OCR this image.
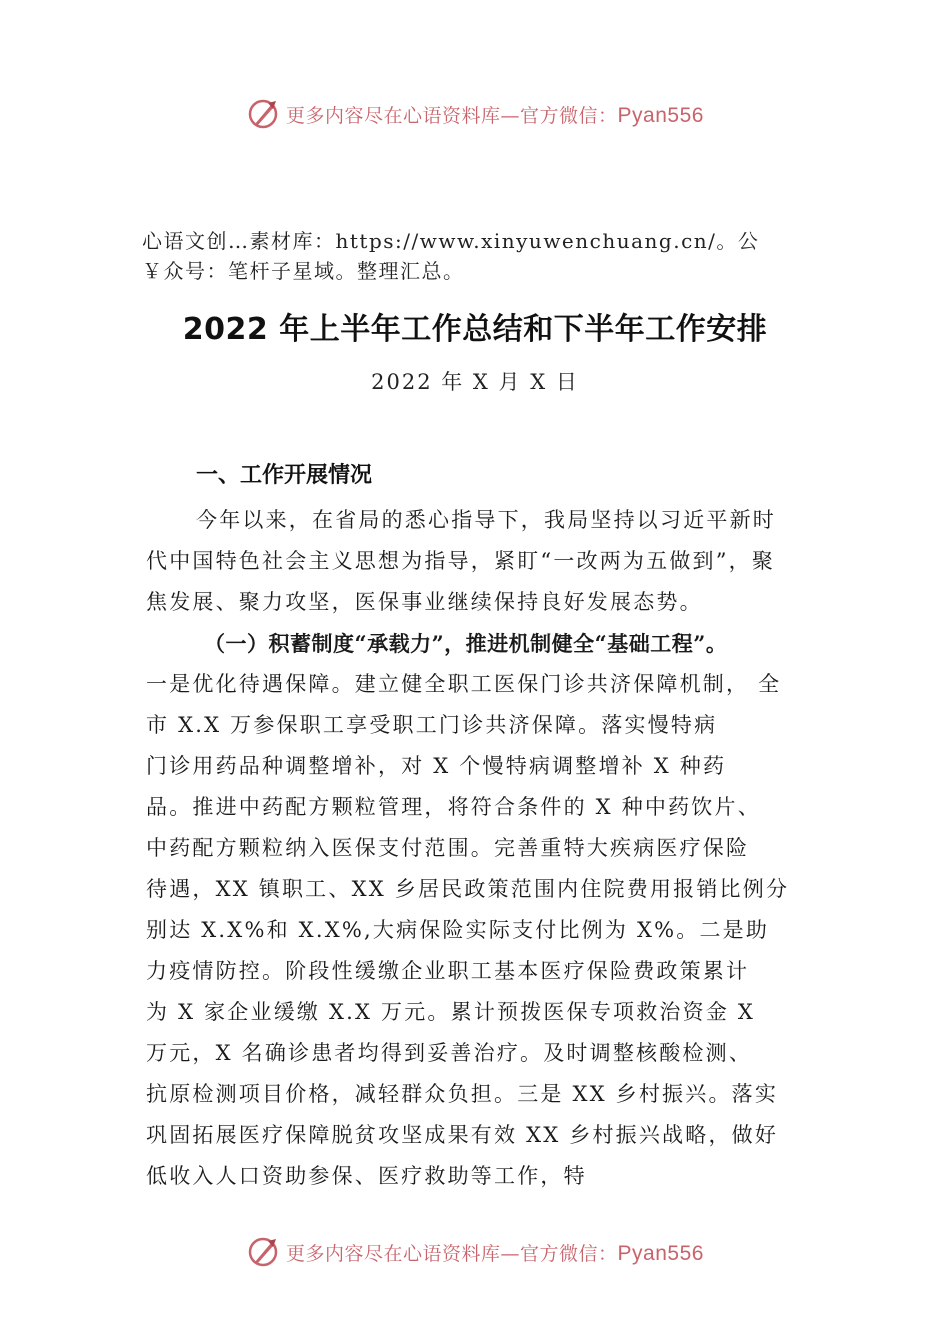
更多内容尽在心语资料库—官方微信：Pyan556
心语文创…素材库：https://www.xinyuwenchuang.cn/。公
￥众号：笔杆子星域。整理汇总。
2022 年上半年工作总结和下半年工作安排
2022 年 X 月 X 日
一、工作开展情况
今年以来，在省局的悉心指导下，我局坚持以习近平新时
代中国特色社会主义思想为指导，紧盯“一改两为五做到”，聚
焦发展、聚力攻坚，医保事业继续保持良好发展态势。
（一）积蓄制度“承载力”，推进机制健全“基础工程”。
一是优化待遇保障。建立健全职工医保门诊共济保障机制， 全
市 X.X 万参保职工享受职工门诊共济保障。落实慢特病
门诊用药品种调整增补，对 X 个慢特病调整增补 X 种药
品。推进中药配方颗粒管理，将符合条件的 X 种中药饮片、
中药配方颗粒纳入医保支付范围。完善重特大疾病医疗保险
待遇，XX 镇职工、XX 乡居民政策范围内住院费用报销比例分
别达 X.X%和 X.X%,大病保险实际支付比例为 X%。二是助
力疫情防控。阶段性缓缴企业职工基本医疗保险费政策累计
为 X 家企业缓缴 X.X 万元。累计预拨医保专项救治资金 X
万元，X 名确诊患者均得到妥善治疗。及时调整核酸检测、
抗原检测项目价格，减轻群众负担。三是 XX 乡村振兴。落实
巩固拓展医疗保障脱贫攻坚成果有效 XX 乡村振兴战略，做好
低收入人口资助参保、医疗救助等工作，特
更多内容尽在心语资料库—官方微信：Pyan556
